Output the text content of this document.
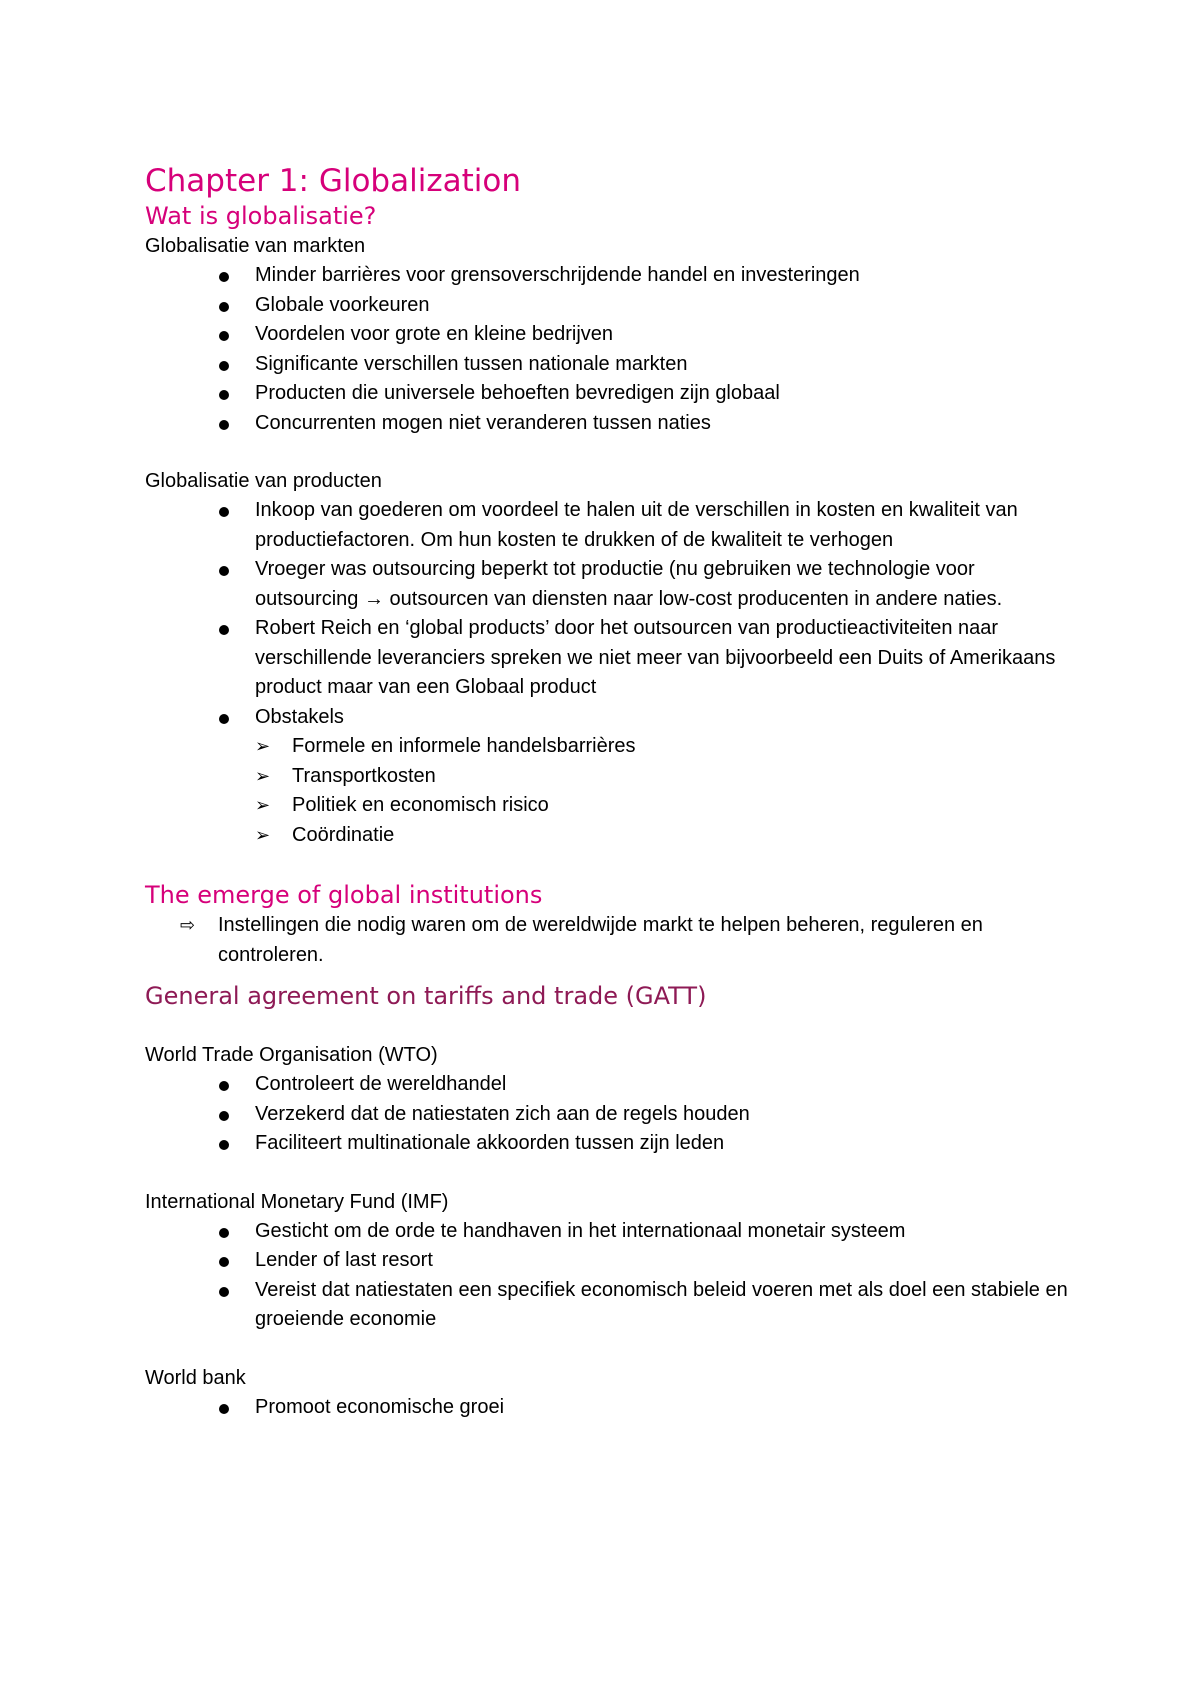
Chapter 1: Globalization
Wat is globalisatie?

Globalisatie van markten

Minder barrières voor grensoverschrijdende handel en investeringen
Globale voorkeuren
Voordelen voor grote en kleine bedrijven
Significante verschillen tussen nationale markten
Producten die universele behoeften bevredigen zijn globaal
Concurrenten mogen niet veranderen tussen naties

Globalisatie van producten

Inkoop van goederen om voordeel te halen uit de verschillen in kosten en kwaliteit van productiefactoren. Om hun kosten te drukken of de kwaliteit te verhogen
Vroeger was outsourcing beperkt tot productie (nu gebruiken we technologie voor outsourcing → outsourcen van diensten naar low-cost producenten in andere naties.
Robert Reich en ‘global products’ door het outsourcen van productieactiviteiten naar verschillende leveranciers spreken we niet meer van bijvoorbeeld een Duits of Amerikaans product maar van een Globaal product
Obstakels
➢ Formele en informele handelsbarrières
➢ Transportkosten
➢ Politiek en economisch risico
➢ Coördinatie
The emerge of global institutions
⇨ Instellingen die nodig waren om de wereldwijde markt te helpen beheren, reguleren en controleren.
General agreement on tariffs and trade (GATT)

World Trade Organisation (WTO)

Controleert de wereldhandel
Verzekerd dat de natiestaten zich aan de regels houden
Faciliteert multinationale akkoorden tussen zijn leden

International Monetary Fund (IMF)

Gesticht om de orde te handhaven in het internationaal monetair systeem
Lender of last resort
Vereist dat natiestaten een specifiek economisch beleid voeren met als doel een stabiele en groeiende economie

World bank

Promoot economische groei
